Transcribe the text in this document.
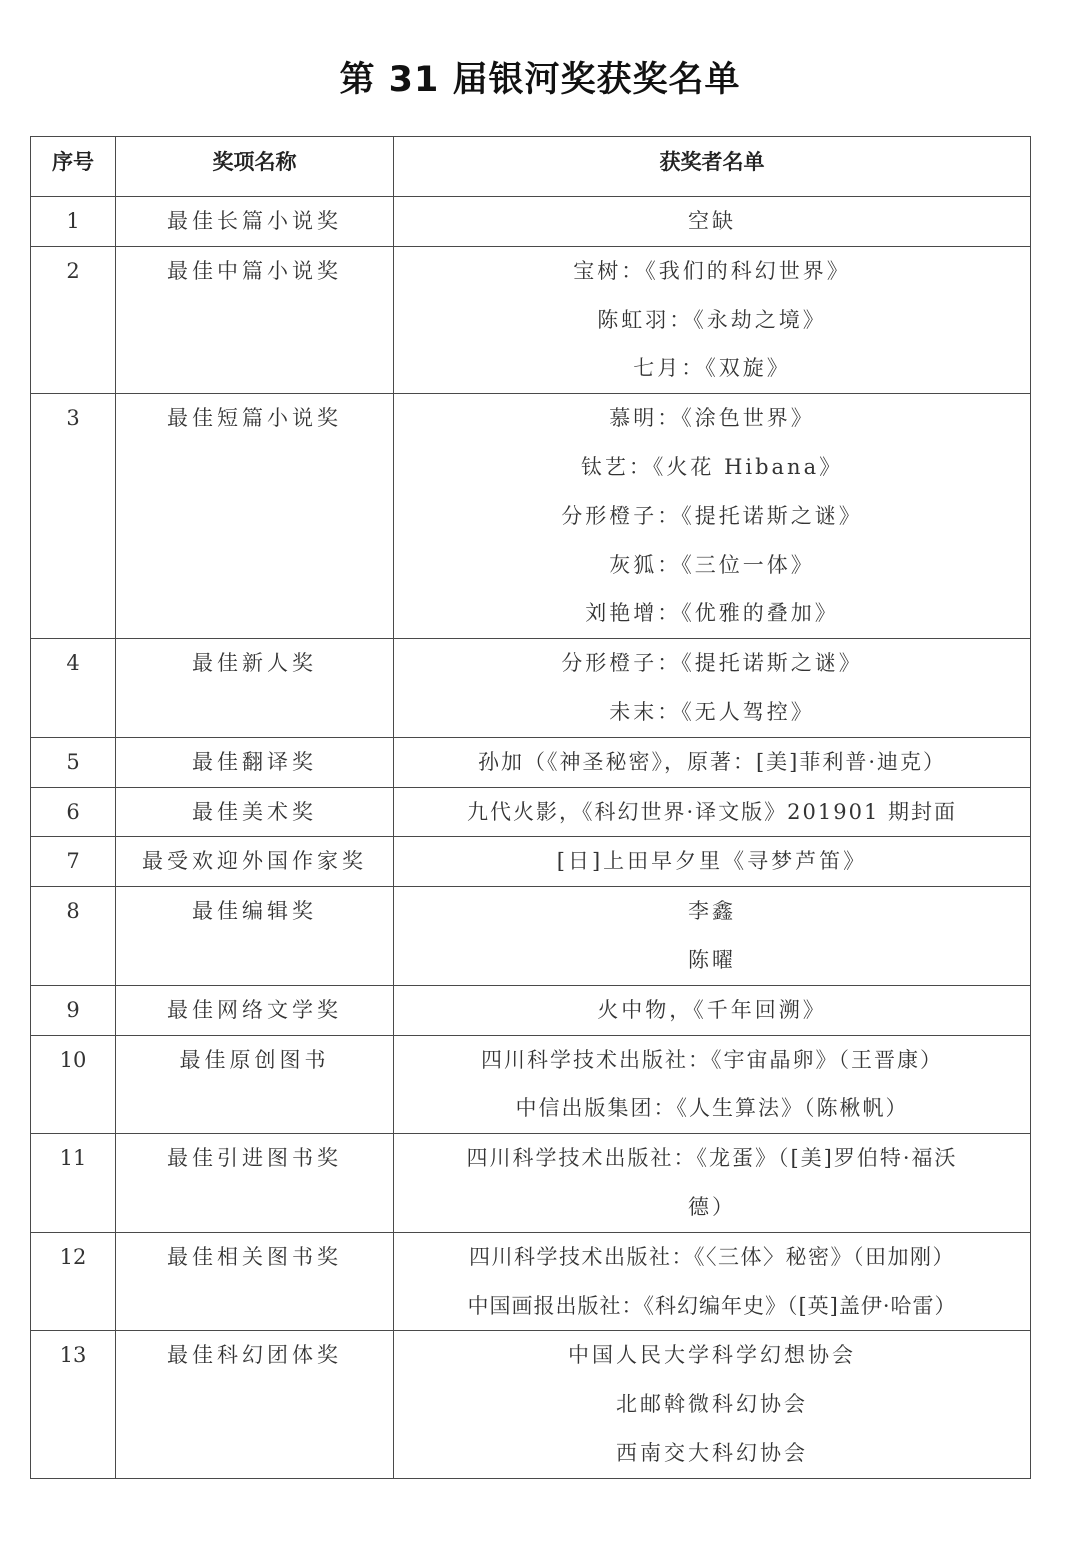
第 31 届银河奖获奖名单
序号	奖项名称	获奖者名单

1	最佳长篇小说奖	空缺

2	最佳中篇小说奖	宝树：《我们的科幻世界》
陈虹羽：《永劫之境》
七月：《双旋》

3	最佳短篇小说奖	慕明：《涂色世界》
钛艺：《火花 Hibana》
分形橙子：《提托诺斯之谜》
灰狐：《三位一体》
刘艳增：《优雅的叠加》

4	最佳新人奖	分形橙子：《提托诺斯之谜》
未末：《无人驾控》

5	最佳翻译奖	孙加（《神圣秘密》，原著：[美]菲利普·迪克）

6	最佳美术奖	九代火影，《科幻世界·译文版》201901 期封面

7	最受欢迎外国作家奖	[日]上田早夕里《寻梦芦笛》

8	最佳编辑奖	李鑫
陈曜

9	最佳网络文学奖	火中物，《千年回溯》

10	最佳原创图书	四川科学技术出版社：《宇宙晶卵》（王晋康）
中信出版集团：《人生算法》（陈楸帆）

11	最佳引进图书奖	四川科学技术出版社：《龙蛋》（[美]罗伯特·福沃
德）

12	最佳相关图书奖	四川科学技术出版社：《〈三体〉秘密》（田加刚）
中国画报出版社：《科幻编年史》（[英]盖伊·哈雷）

13	最佳科幻团体奖	中国人民大学科学幻想协会
北邮斡微科幻协会
西南交大科幻协会
